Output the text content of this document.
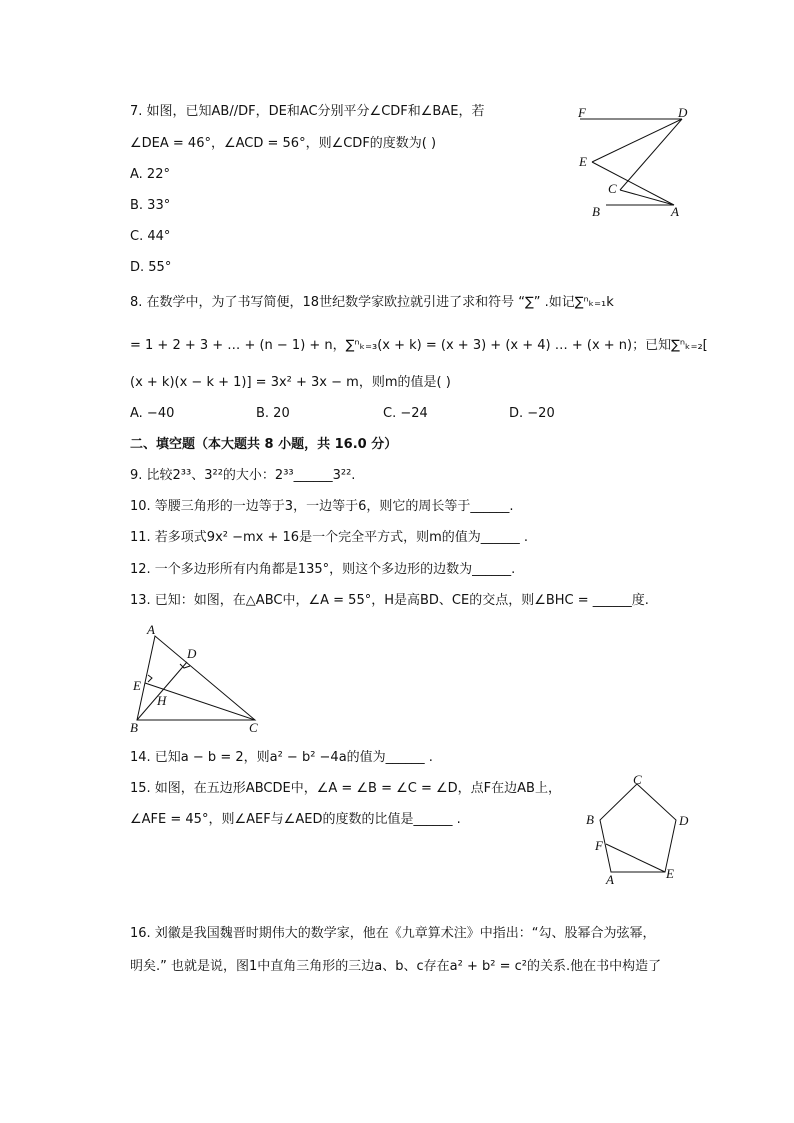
7. 如图，已知AB//DF，DE和AC分别平分∠CDF和∠BAE，若
∠DEA = 46°，∠ACD = 56°，则∠CDF的度数为( )
A. 22°
B. 33°
C. 44°
D. 55°
F	D
E
C
B	A
8. 在数学中，为了书写简便，18世纪数学家欧拉就引进了求和符号 “∑” .如记∑ⁿₖ₌₁k
= 1 + 2 + 3 + … + (n − 1) + n，∑ⁿₖ₌₃(x + k) = (x + 3) + (x + 4) … + (x + n)；已知∑ⁿₖ₌₂[
(x + k)(x − k + 1)] = 3x² + 3x − m，则m的值是( )
A. −40	B. 20	C. −24	D. −20
二、填空题（本大题共 8 小题，共 16.0 分）
9. 比较2³³、3²²的大小：2³³______3²².
10. 等腰三角形的一边等于3，一边等于6，则它的周长等于______.
11. 若多项式9x² −mx + 16是一个完全平方式，则m的值为______ .
12. 一个多边形所有内角都是135°，则这个多边形的边数为______.
13. 已知：如图，在△ABC中，∠A = 55°，H是高BD、CE的交点，则∠BHC = ______度.
A
D
E
H
B	C
14. 已知a − b = 2，则a² − b² −4a的值为______ .
15. 如图，在五边形ABCDE中，∠A = ∠B = ∠C = ∠D，点F在边AB上，
∠AFE = 45°，则∠AEF与∠AED的度数的比值是______ .
C
B	D
F
A	E
16. 刘徽是我国魏晋时期伟大的数学家，他在《九章算术注》中指出：“勾、股幂合为弦幂，
明矣.” 也就是说，图1中直角三角形的三边a、b、c存在a² + b² = c²的关系.他在书中构造了
